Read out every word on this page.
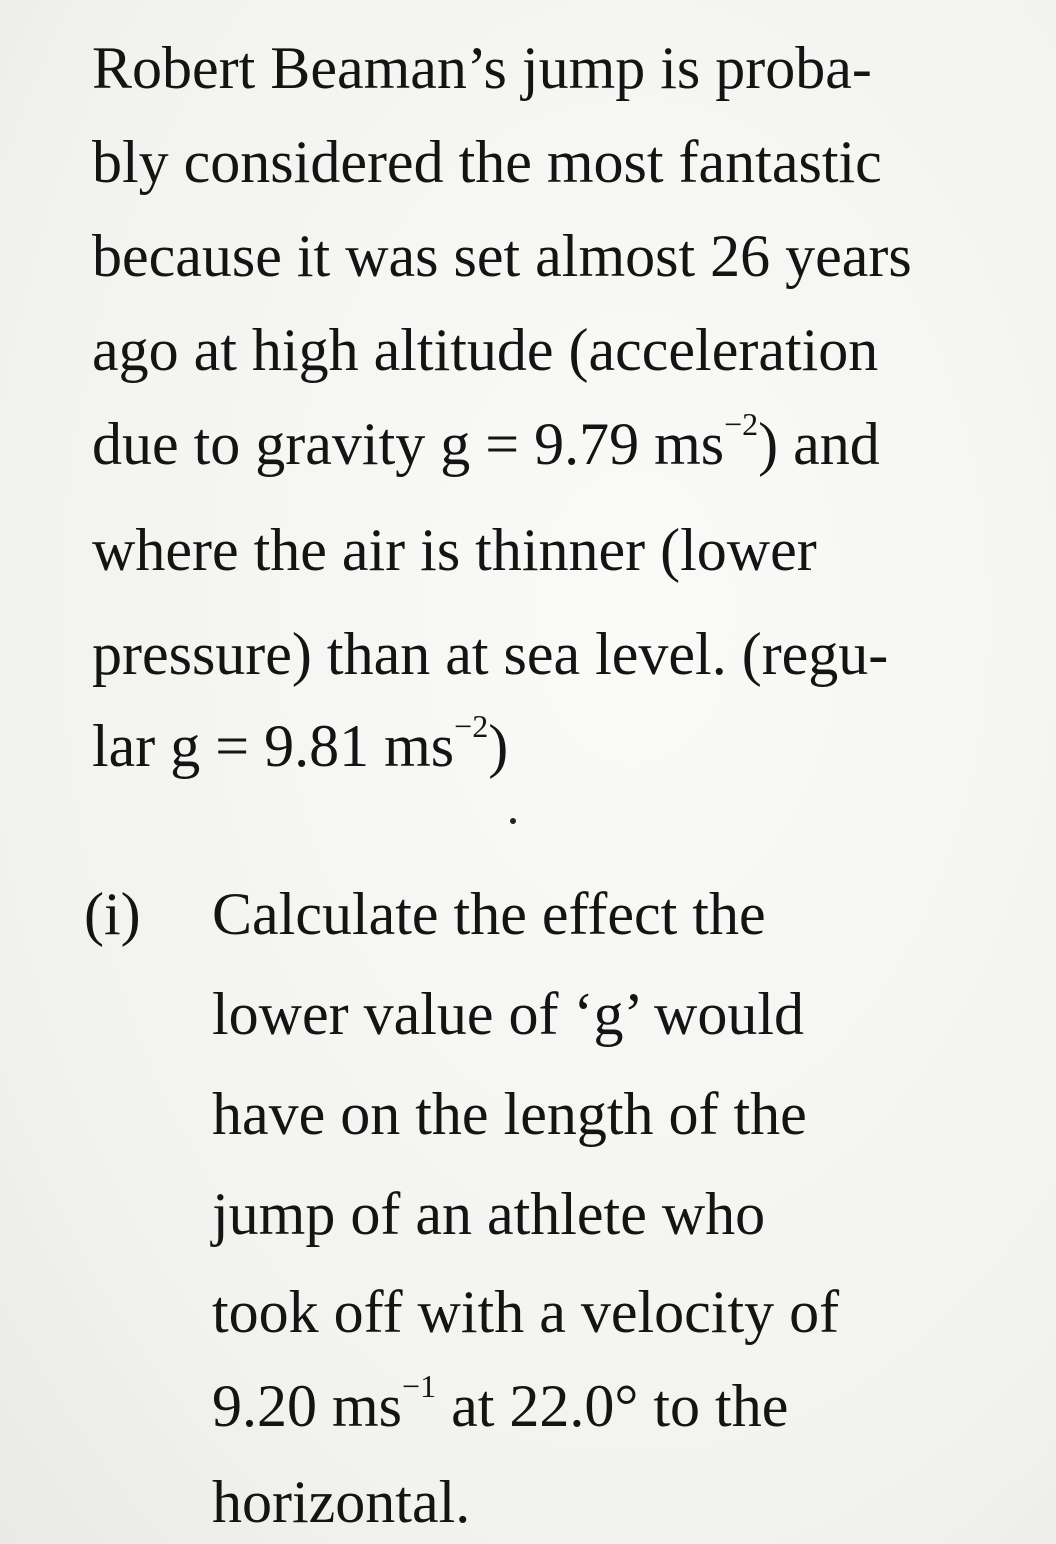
Robert Beaman’s jump is proba-
bly considered the most fantastic
because it was set almost 26 years
ago at high altitude (acceleration
due to gravity g = 9.79 $ms^{-2}$) and
where the air is thinner (lower
pressure) than at sea level. (regu-
lar g = 9.81 $ms^{-2}$)
(i) Calculate the effect the
lower value of ‘g’ would
have on the length of the
jump of an athlete who
took off with a velocity of
9.20 $ms^{-1}$ at 22.0° to the
horizontal.
